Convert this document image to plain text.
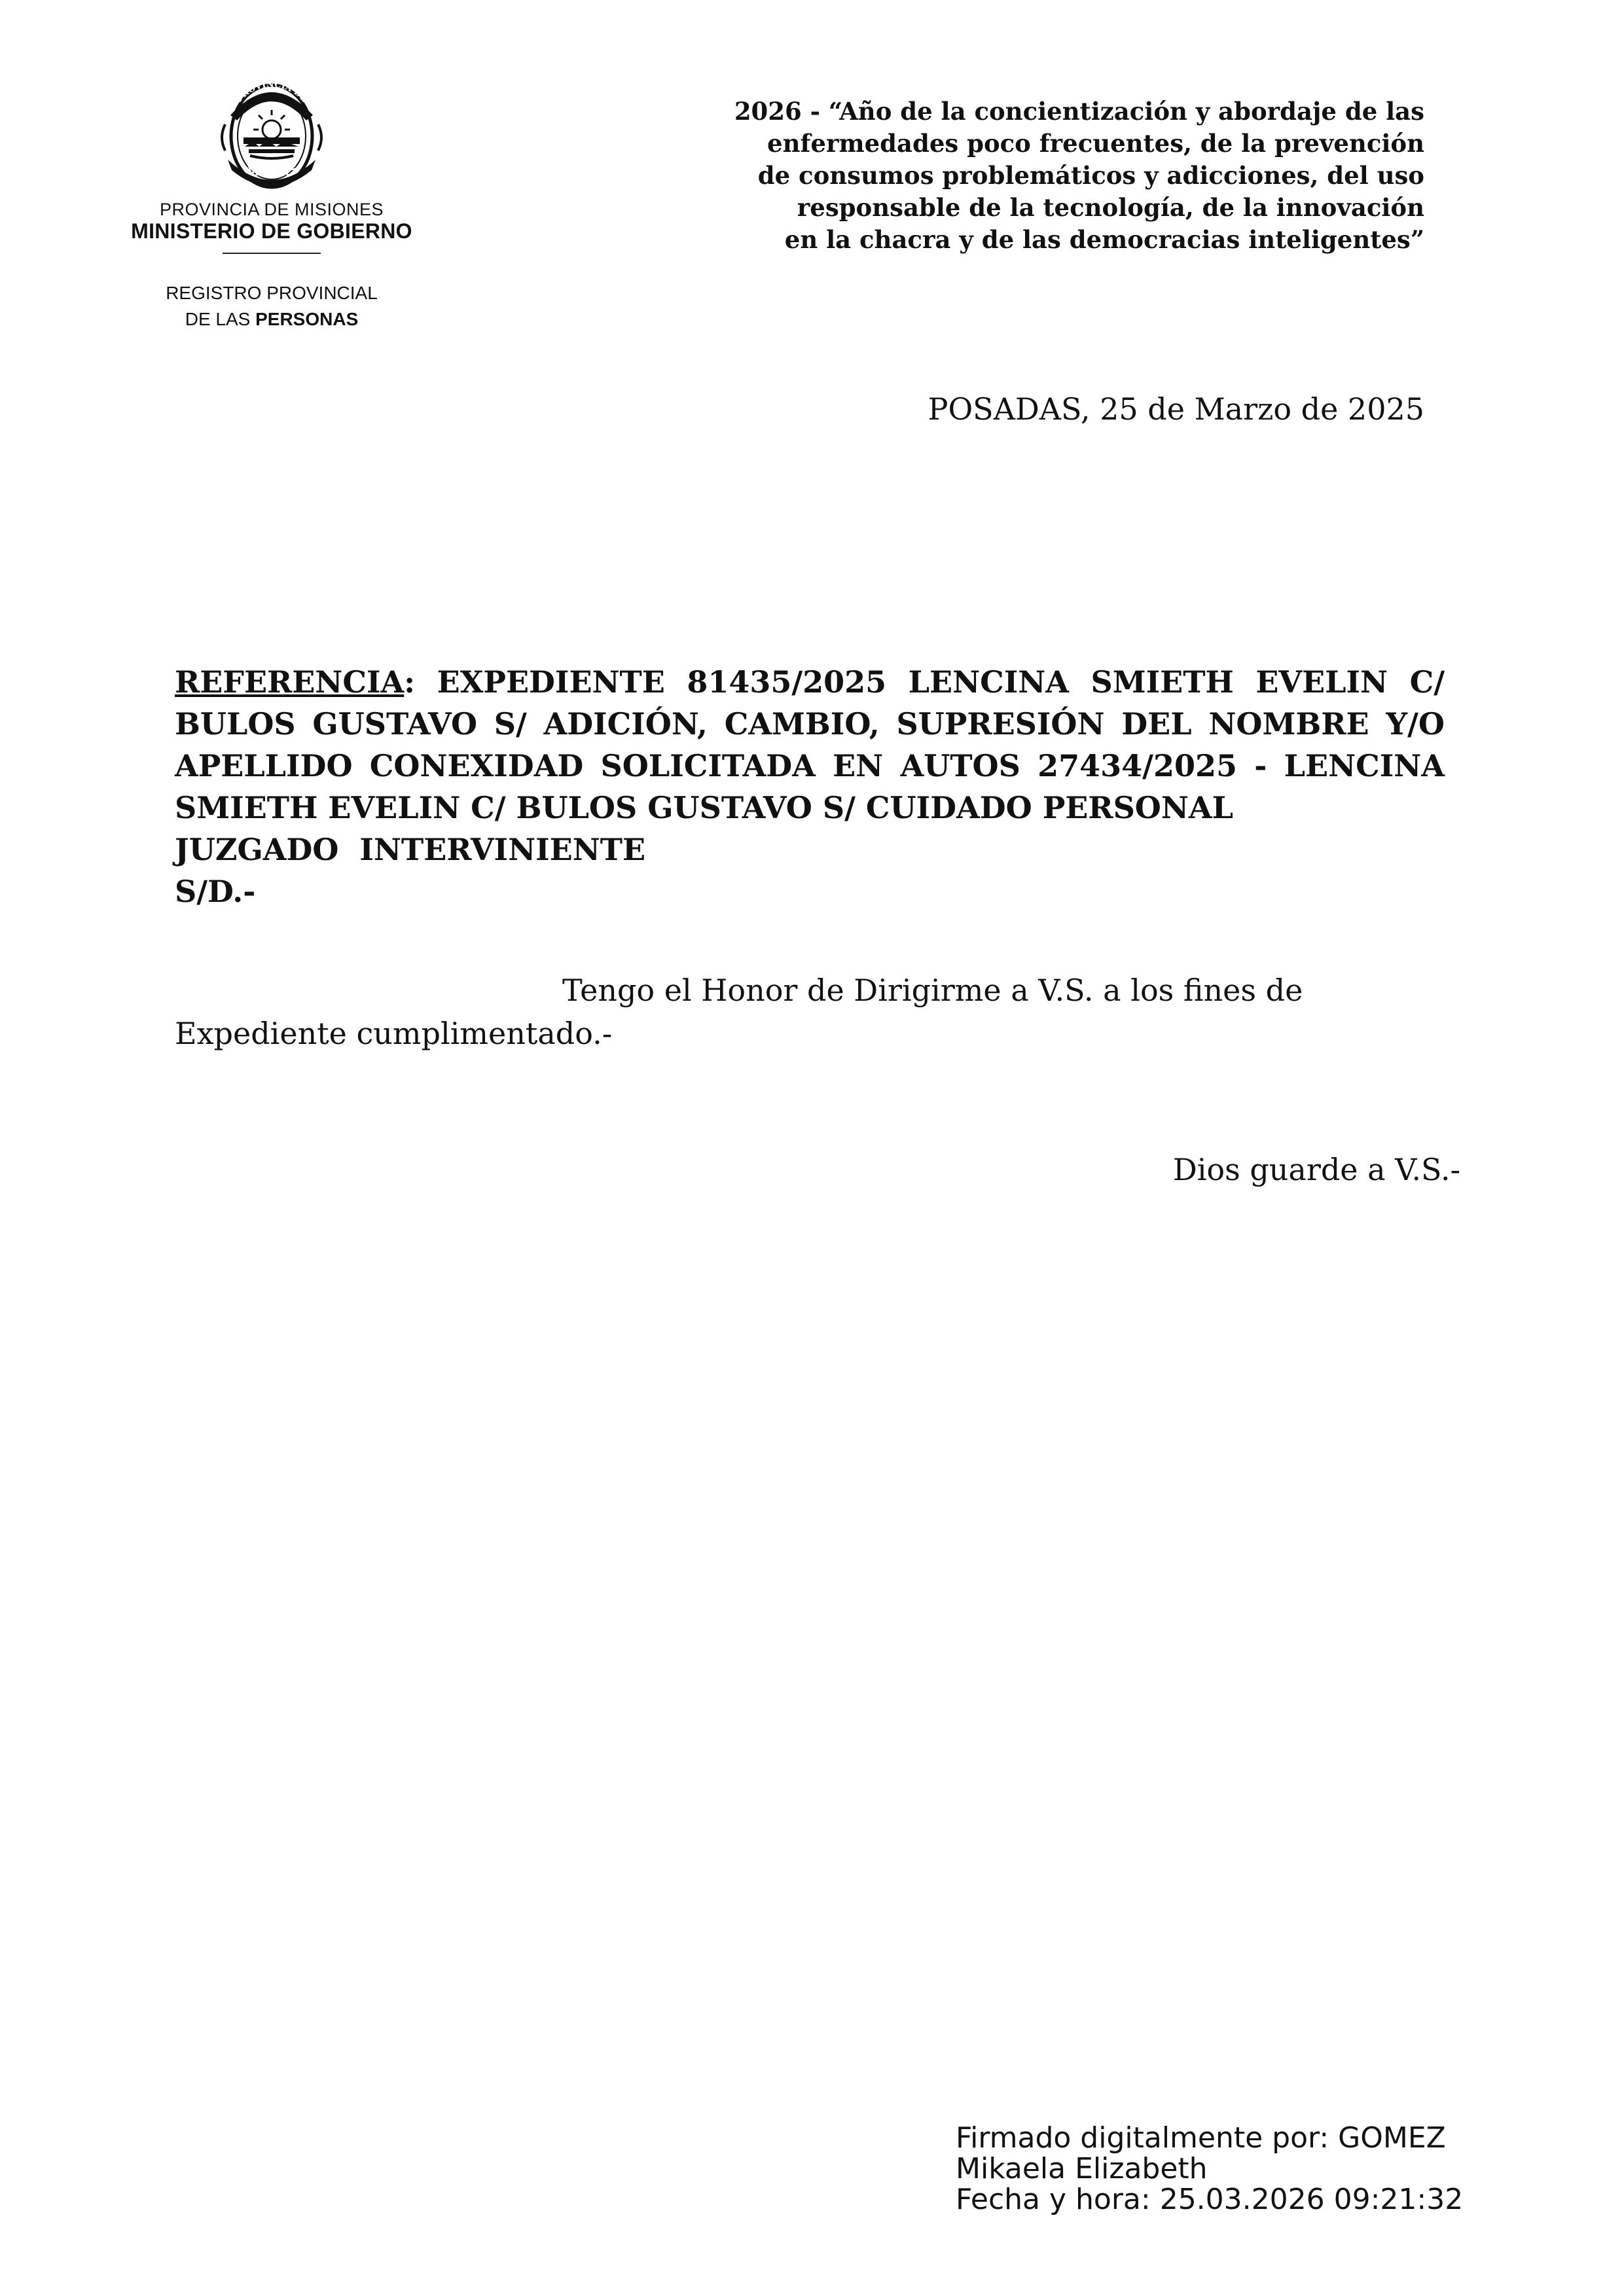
PROVINCIA DE
MISIONES
PROVINCIA DE MISIONES
MINISTERIO DE GOBIERNO
REGISTRO PROVINCIAL
DE LAS PERSONAS
2026 - “Año de la concientización y abordaje de las
enfermedades poco frecuentes, de la prevención
de consumos problemáticos y adicciones, del uso
responsable de la tecnología, de la innovación
en la chacra y de las democracias inteligentes”
POSADAS, 25 de Marzo de 2025
REFERENCIA: EXPEDIENTE 81435/2025 LENCINA SMIETH EVELIN C/
BULOS GUSTAVO S/ ADICIÓN, CAMBIO, SUPRESIÓN DEL NOMBRE Y/O
APELLIDO CONEXIDAD SOLICITADA EN AUTOS 27434/2025 - LENCINA
SMIETH EVELIN C/ BULOS GUSTAVO S/ CUIDADO PERSONAL
JUZGADO  INTERVINIENTE
S/D.-
Tengo el Honor de Dirigirme a V.S. a los fines de
Expediente cumplimentado.-
Dios guarde a V.S.-
Firmado digitalmente por: GOMEZ
Mikaela Elizabeth
Fecha y hora: 25.03.2026 09:21:32
